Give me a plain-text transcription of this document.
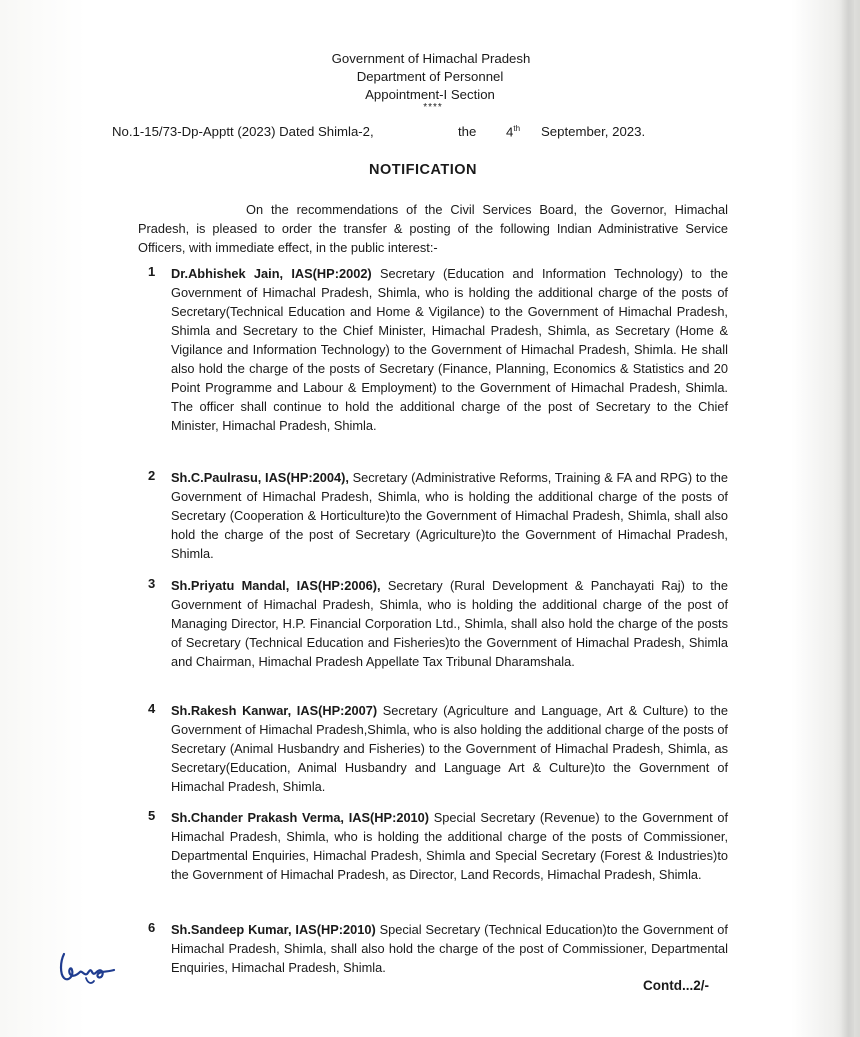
Government of Himachal Pradesh
Department of Personnel
Appointment-I Section
****
No.1-15/73-Dp-Apptt (2023) Dated Shimla-2,	the 4th September, 2023.
NOTIFICATION
On the recommendations of the Civil Services Board, the Governor, Himachal Pradesh, is pleased to order the transfer & posting of the following Indian Administrative Service Officers, with immediate effect, in the public interest:-
1 Dr.Abhishek Jain, IAS(HP:2002) Secretary (Education and Information Technology) to the Government of Himachal Pradesh, Shimla, who is holding the additional charge of the posts of Secretary(Technical Education and Home & Vigilance) to the Government of Himachal Pradesh, Shimla and Secretary to the Chief Minister, Himachal Pradesh, Shimla, as Secretary (Home & Vigilance and Information Technology) to the Government of Himachal Pradesh, Shimla. He shall also hold the charge of the posts of Secretary (Finance, Planning, Economics & Statistics and 20 Point Programme and Labour & Employment) to the Government of Himachal Pradesh, Shimla. The officer shall continue to hold the additional charge of the post of Secretary to the Chief Minister, Himachal Pradesh, Shimla.
2 Sh.C.Paulrasu, IAS(HP:2004), Secretary (Administrative Reforms, Training & FA and RPG) to the Government of Himachal Pradesh, Shimla, who is holding the additional charge of the posts of Secretary (Cooperation & Horticulture)to the Government of Himachal Pradesh, Shimla, shall also hold the charge of the post of Secretary (Agriculture)to the Government of Himachal Pradesh, Shimla.
3 Sh.Priyatu Mandal, IAS(HP:2006), Secretary (Rural Development & Panchayati Raj) to the Government of Himachal Pradesh, Shimla, who is holding the additional charge of the post of Managing Director, H.P. Financial Corporation Ltd., Shimla, shall also hold the charge of the posts of Secretary (Technical Education and Fisheries)to the Government of Himachal Pradesh, Shimla and Chairman, Himachal Pradesh Appellate Tax Tribunal Dharamshala.
4 Sh.Rakesh Kanwar, IAS(HP:2007) Secretary (Agriculture and Language, Art & Culture) to the Government of Himachal Pradesh,Shimla, who is also holding the additional charge of the posts of Secretary (Animal Husbandry and Fisheries) to the Government of Himachal Pradesh, Shimla, as Secretary(Education, Animal Husbandry and Language Art & Culture)to the Government of Himachal Pradesh, Shimla.
5 Sh.Chander Prakash Verma, IAS(HP:2010) Special Secretary (Revenue) to the Government of Himachal Pradesh, Shimla, who is holding the additional charge of the posts of Commissioner, Departmental Enquiries, Himachal Pradesh, Shimla and Special Secretary (Forest & Industries)to the Government of Himachal Pradesh, as Director, Land Records, Himachal Pradesh, Shimla.
6 Sh.Sandeep Kumar, IAS(HP:2010) Special Secretary (Technical Education)to the Government of Himachal Pradesh, Shimla, shall also hold the charge of the post of Commissioner, Departmental Enquiries, Himachal Pradesh, Shimla.
Contd...2/-
